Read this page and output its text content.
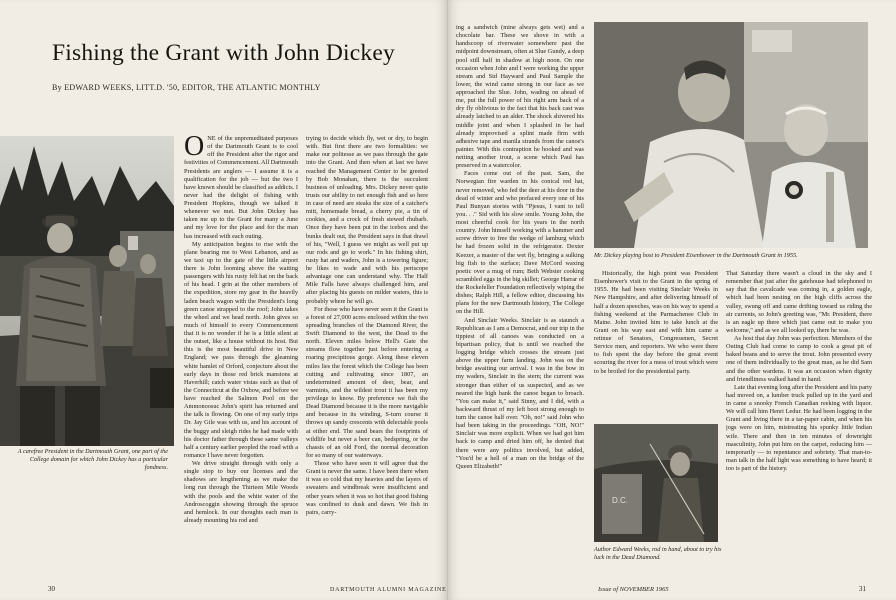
Fishing the Grant with John Dickey
By EDWARD WEEKS, LITT.D. '50, EDITOR, THE ATLANTIC MONTHLY
A carefree President in the Dartmouth Grant, one part of the College domain for which John Dickey has a particular fondness.

ONE of the unpremeditated purposes of the Dartmouth Grant is to cool off the President after the rigor and festivities of Commencement. All Dartmouth Presidents are anglers — I assume it is a qualification for the job — but the two I have known should be classified as addicts. I never had the delight of fishing with President Hopkins, though we talked it whenever we met. But John Dickey has taken me up to the Grant for many a June and my love for the place and for the man has increased with each outing.

My anticipation begins to rise with the plane bearing me to West Lebanon, and as we taxi up to the gate of the little airport there is John looming above the waiting passengers with his rusty felt hat on the back of his head. I grin at the other members of the expedition, store my gear in the heavily laden beach wagon with the President's long green canoe strapped to the roof; John takes the wheel and we head north. John gives so much of himself to every Commencement that it is no wonder if he is a little silent at the outset, like a house without its host. But this is the most beautiful drive in New England; we pass through the gleaming white hamlet of Orford, conjecture about the early days in those red brick mansions at Haverhill; catch water vistas such as that of the Connecticut at the Oxbow, and before we have reached the Salmon Pool on the Ammonoosuc John's spirit has returned and the talk is flowing. On one of my early trips Dr. Jay Gile was with us, and his account of the buggy and sleigh rides he had made with his doctor father through these same valleys half a century earlier peopled the road with a romance I have never forgotten.

We drive straight through with only a single stop to buy our licenses and the shadows are lengthening as we make the long run through the Thirteen Mile Woods with the pools and the white water of the Androscoggin showing through the spruce and hemlock. In our thoughts each man is already mounting his rod and

trying to decide which fly, wet or dry, to begin with. But first there are two formalities: we make our politesse as we pass through the gate into the Grant. And then when at last we have reached the Management Center to be greeted by Bob Monahan, there is the succulent business of unloading. Mrs. Dickey never quite trusts our ability to net enough fish and so here in case of need are steaks the size of a catcher's mitt, homemade bread, a cherry pie, a tin of cookies, and a crock of fresh stewed rhubarb. Once they have been put in the icebox and the bunks dealt out, the President says in that drawl of his, "Well, I guess we might as well put up our rods and go to work." In his fishing shirt, rusty hat and waders, John is a towering figure; he likes to wade and with his periscope advantage one can understand why. The Half Mile Falls have always challenged him, and after placing his guests on milder waters, this is probably where he will go.

For those who have never seen it the Grant is a forest of 27,000 acres enclosed within the two spreading branches of the Diamond River, the Swift Diamond to the west, the Dead to the north. Eleven miles below Hell's Gate the streams flow together just before entering a roaring precipitous gorge. Along these eleven miles lies the forest which the College has been cutting and cultivating since 1807, an undetermined amount of deer, bear, and varmints, and the wildest trout it has been my privilege to know. By preference we fish the Dead Diamond because it is the more navigable and because in its winding, S-turn course it throws up sandy crescents with delectable pools at either end. The sand bears the footprints of wildlife but never a beer can, bedspring, or the chassis of an old Ford, the normal decoration for so many of our waterways.

Those who have seen it will agree that the Grant is never the same. I have been there when it was so cold that my heavies and the layers of sweaters and windbreak were insufficient and other years when it was so hot that good fishing was confined to dusk and dawn. We fish in pairs, carry-

30	DARTMOUTH ALUMNI MAGAZINE

ing a sandwich (mine always gets wet) and a chocolate bar. These we shove in with a handscoop of riverwater somewhere past the midpoint downstream, often at Slue Gundy, a deep pool still half in shadow at high noon. On one occasion when John and I were working the upper stream and Sid Hayward and Paul Sample the lower, the wind came strong in our face as we approached the Slue. John, wading on ahead of me, put the full power of his right arm back of a dry fly oblivious to the fact that his back cast was already latched to an alder. The shock shivered his middle joint and when I splashed in he had already improvised a splint made firm with adhesive tape and manila strands from the canoe's painter. With this contraption he hooked and was netting another trout, a scene which Paul has preserved in a watercolor.

Faces come out of the past. Sam, the Norwegian fire warden in his conical red hat, never removed, who fed the deer at his door in the dead of winter and who prefaced every one of his Paul Bunyan stories with "Pjesus, I vant to tell you. . ." Sid with his slow smile. Young John, the most cheerful cook for his years in the north country. John himself working with a hammer and screw driver to free the wedge of lamburg which he had frozen solid in the refrigerator. Dexter Keezer, a master of the wet fly, bringing a sulking big fish to the surface; Dave McCord waxing poetic over a mug of rum; Beth Webster cooking scrambled eggs in the big skillet; George Harrar of the Rockefeller Foundation reflectively wiping the dishes; Ralph Hill, a fellow editor, discussing his plans for the new Dartmouth history, The College on the Hill.

And Sinclair Weeks. Sinclair is as staunch a Republican as I am a Democrat, and our trip in the tippiest of all canoes was conducted on a bipartisan policy, that is until we reached the logging bridge which crosses the stream just above the upper farm landing. John was on the bridge awaiting our arrival. I was in the bow in my waders, Sinclair in the stern; the current was stronger than either of us suspected, and as we neared the high bank the canoe began to broach. "You can make it," said Sinny, and I did, with a backward thrust of my left boot strong enough to turn the canoe half over. "Oh, no!" said John who had been taking in the proceedings. "OH, NO!" Sinclair was more explicit. When we had got him back to camp and dried him off, he denied that there were any politics involved, but added, "You'd be a hell of a man on the bridge of the Queen Elizabeth!"

Mr. Dickey playing host to President Eisenhower in the Dartmouth Grant in 1955.

Historically, the high point was President Eisenhower's visit to the Grant in the spring of 1955. He had been visiting Sinclair Weeks in New Hampshire, and after delivering himself of half a dozen speeches, was on his way to spend a fishing weekend at the Parmachenee Club in Maine. John invited him to take lunch at the Grant on his way east and with him came a retinue of Senators, Congressmen, Secret Service men, and reporters. We who were there to fish spent the day before the great event scouring the river for a mess of trout which were to be broiled for the presidential party.

D.C.
Author Edward Weeks, rod in hand, about to try his luck in the Dead Diamond.

That Saturday there wasn't a cloud in the sky and I remember that just after the gatehouse had telephoned to say that the cavalcade was coming in, a golden eagle, which had been nesting on the high cliffs across the valley, swung off and came drifting toward us riding the air currents, so John's greeting was, "Mr. President, there is an eagle up there which just came out to make you welcome," and as we all looked up, there he was.

As host that day John was perfection. Members of the Outing Club had come to camp to cook a great pit of baked beans and to serve the trout. John presented every one of them individually to the great man, as he did Sam and the other wardens. It was an occasion when dignity and friendliness walked hand in hand.

Late that evening long after the President and his party had moved on, a lumber truck pulled up in the yard and in came a snooky French Canadian reeking with liquor. We will call him Henri Ledur. He had been logging in the Grant and living there in a tar-paper cabin, and when his jogs were on him, mistreating his spunky little Indian wife. There and then in ten minutes of downright masculinity, John put him on the carpet, reducing him — temporarily — to repentance and sobriety. That man-to-man talk in the half light was something to have heard; it too is part of the history.

Issue of NOVEMBER 1965	31
